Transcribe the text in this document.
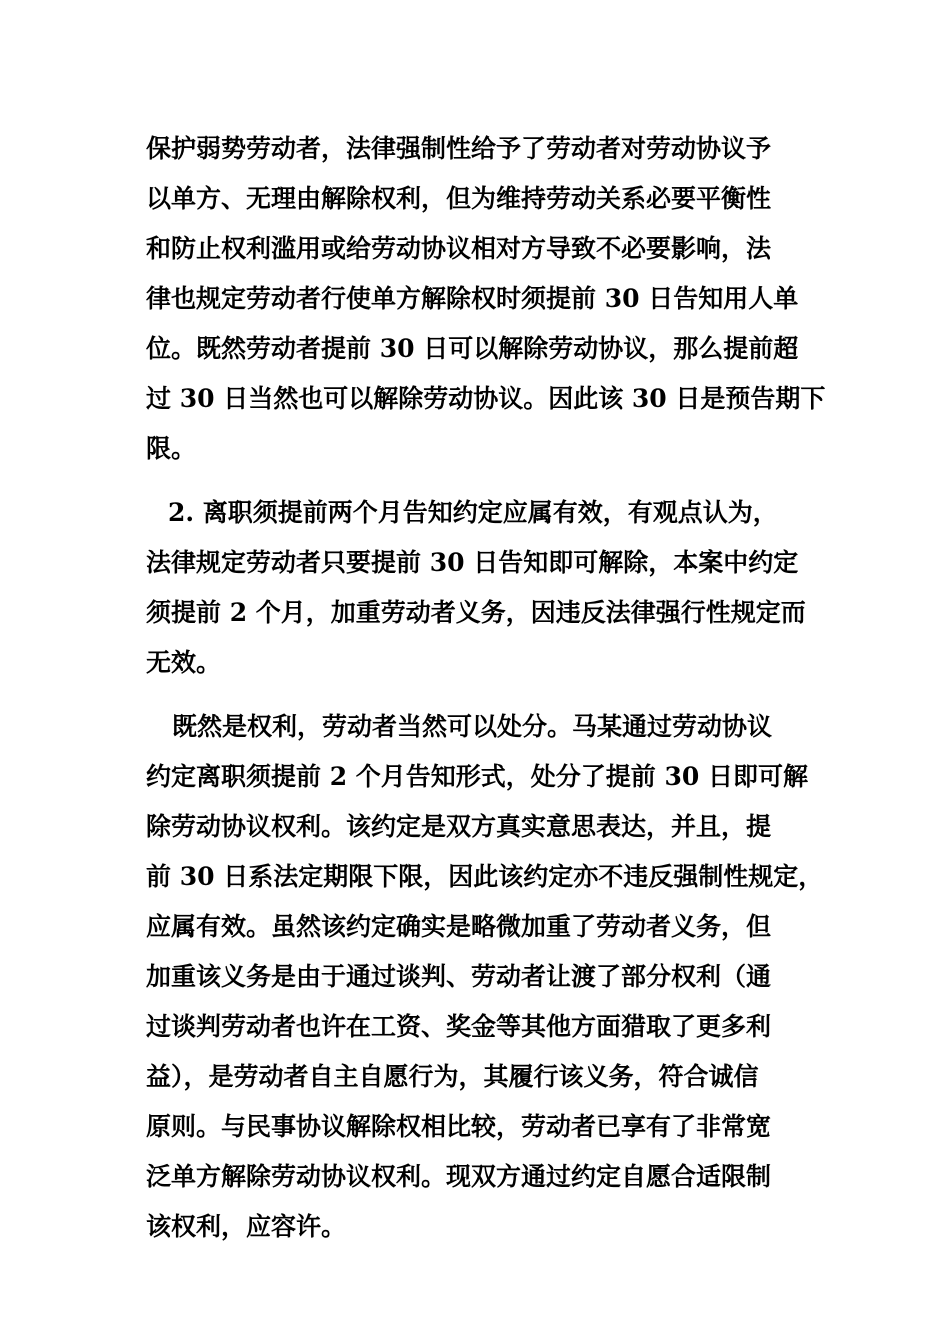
保护弱势劳动者，法律强制性给予了劳动者对劳动协议予
以单方、无理由解除权利，但为维持劳动关系必要平衡性
和防止权利滥用或给劳动协议相对方导致不必要影响，法
律也规定劳动者行使单方解除权时须提前 30 日告知用人单
位。既然劳动者提前 30 日可以解除劳动协议，那么提前超
过 30 日当然也可以解除劳动协议。因此该 30 日是预告期下
限。
2. 离职须提前两个月告知约定应属有效，有观点认为，
法律规定劳动者只要提前 30 日告知即可解除，本案中约定
须提前 2 个月，加重劳动者义务，因违反法律强行性规定而
无效。
既然是权利，劳动者当然可以处分。马某通过劳动协议
约定离职须提前 2 个月告知形式，处分了提前 30 日即可解
除劳动协议权利。该约定是双方真实意思表达，并且，提
前 30 日系法定期限下限，因此该约定亦不违反强制性规定，
应属有效。虽然该约定确实是略微加重了劳动者义务，但
加重该义务是由于通过谈判、劳动者让渡了部分权利（通
过谈判劳动者也许在工资、奖金等其他方面猎取了更多利
益），是劳动者自主自愿行为，其履行该义务，符合诚信
原则。与民事协议解除权相比较，劳动者已享有了非常宽
泛单方解除劳动协议权利。现双方通过约定自愿合适限制
该权利，应容许。
